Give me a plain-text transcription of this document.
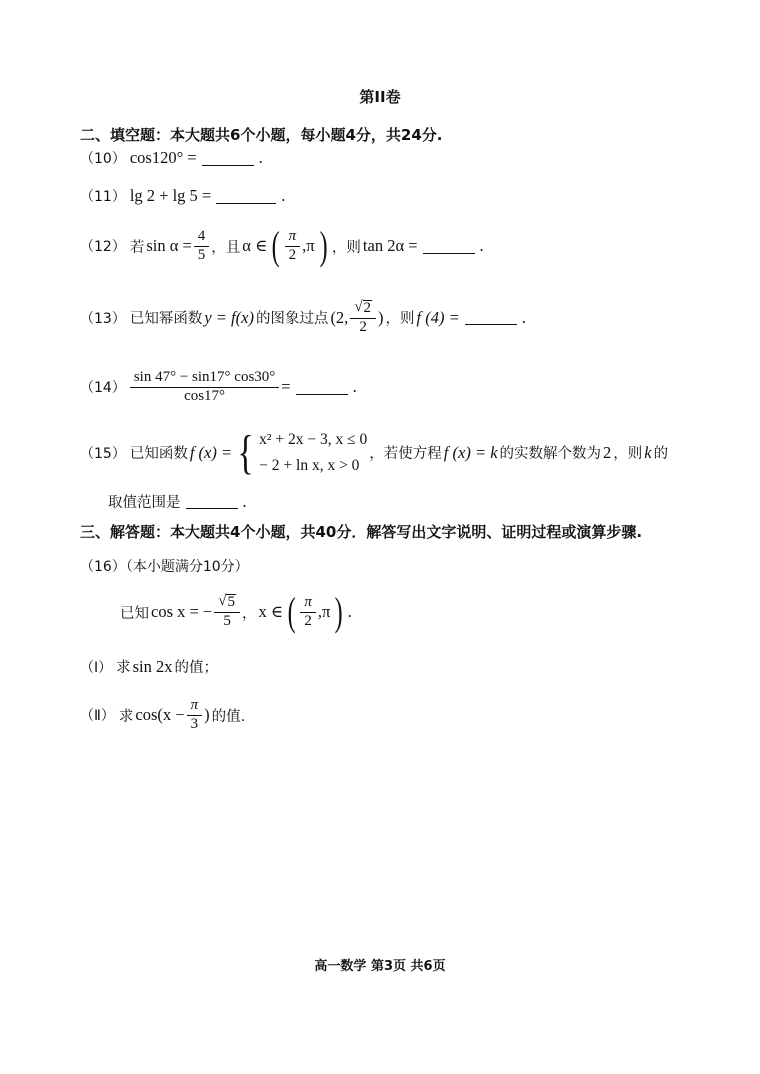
第II卷
二、填空题：本大题共6个小题，每小题4分，共24分.
（10） cos120° =	.
（11） lg 2 + lg 5 =	.
（12） 若 $\sin \alpha = \frac{4}{5}$ ，且 α ∈ ( $\frac{\pi}{2} ,\pi$ ) ，则 tan 2α =	.
（13） 已知幂函数 y = f(x) 的图象过点 (2, $\frac{√ 2}{2}$ ) ，则 f (4) =	.
$(14) \frac{\sin 47^\circ - \sin 17^\circ \cos 30^\circ}{\cos 17^\circ}$ =	.
（15） 已知函数 f (x) = { x² + 2x − 3, x ≤ 0
− 2 + ln x, x > 0
，若使方程 f (x) = k 的实数解个数为 2 ，则 k 的
取值范围是	.
三、解答题：本大题共4个小题，共40分．解答写出文字说明、证明过程或演算步骤.
（16）（本小题满分10分）
已知 cos x = − $\frac{√ 5}{5}$ ， x ∈ ( $\frac{\pi}{2} ,\pi$ ) .
（Ⅰ） 求 sin 2x 的值；
（Ⅱ） 求 $\cos(x - \frac{\pi}{3}$ ) 的值.
高一数学 第3页 共6页
